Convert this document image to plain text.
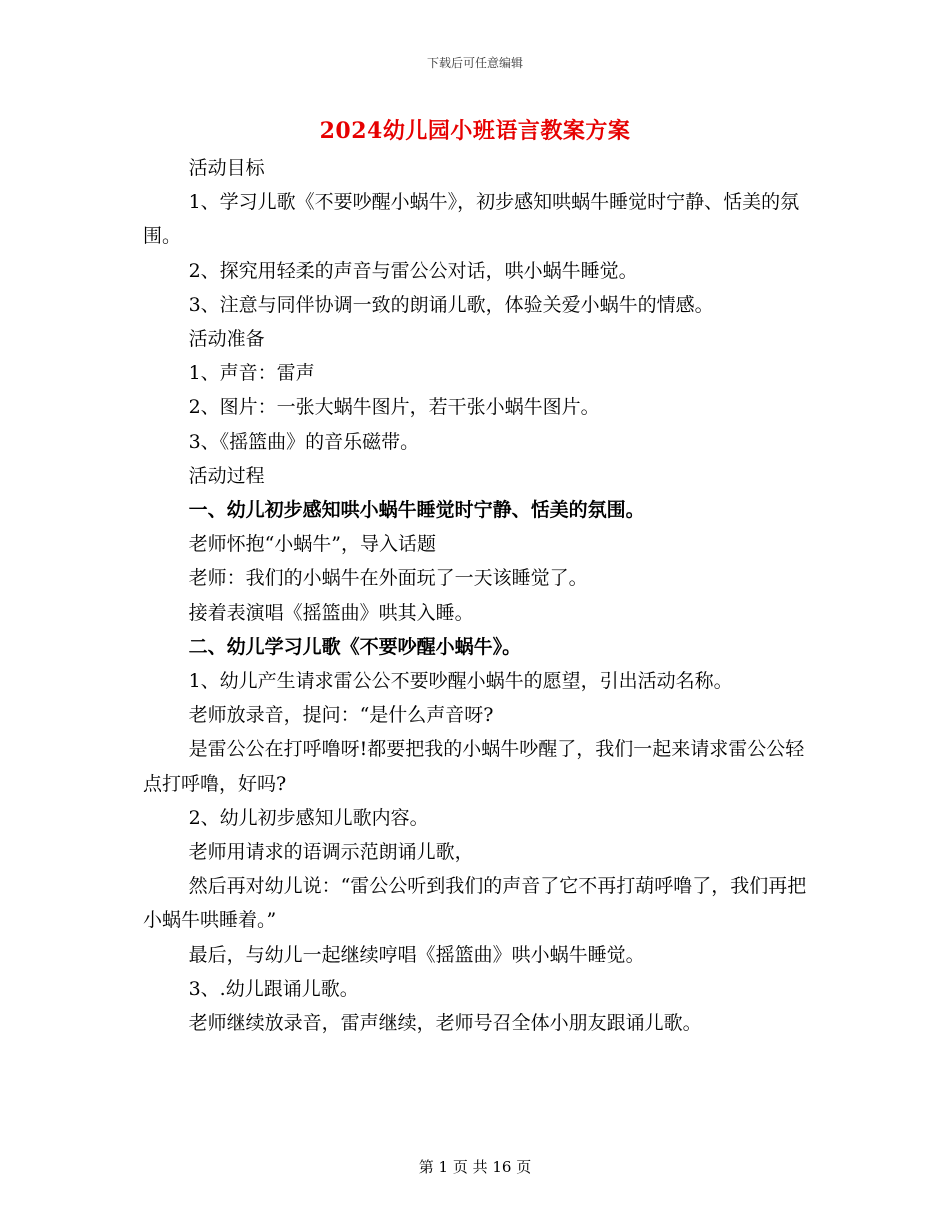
下载后可任意编辑
2024幼儿园小班语言教案方案

活动目标

1、学习儿歌《不要吵醒小蜗牛》，初步感知哄蜗牛睡觉时宁静、恬美的氛围。

2、探究用轻柔的声音与雷公公对话，哄小蜗牛睡觉。

3、注意与同伴协调一致的朗诵儿歌，体验关爱小蜗牛的情感。

活动准备

1、声音：雷声

2、图片：一张大蜗牛图片，若干张小蜗牛图片。

3、《摇篮曲》的音乐磁带。

活动过程

一、幼儿初步感知哄小蜗牛睡觉时宁静、恬美的氛围。

老师怀抱“小蜗牛”，导入话题

老师：我们的小蜗牛在外面玩了一天该睡觉了。

接着表演唱《摇篮曲》哄其入睡。

二、幼儿学习儿歌《不要吵醒小蜗牛》。

1、幼儿产生请求雷公公不要吵醒小蜗牛的愿望，引出活动名称。

老师放录音，提问：“是什么声音呀?

是雷公公在打呼噜呀!都要把我的小蜗牛吵醒了，我们一起来请求雷公公轻点打呼噜，好吗?

2、幼儿初步感知儿歌内容。

老师用请求的语调示范朗诵儿歌，

然后再对幼儿说：“雷公公听到我们的声音了它不再打葫呼噜了，我们再把小蜗牛哄睡着。”

最后，与幼儿一起继续哼唱《摇篮曲》哄小蜗牛睡觉。

3、.幼儿跟诵儿歌。

老师继续放录音，雷声继续，老师号召全体小朋友跟诵儿歌。

第 1 页 共 16 页
